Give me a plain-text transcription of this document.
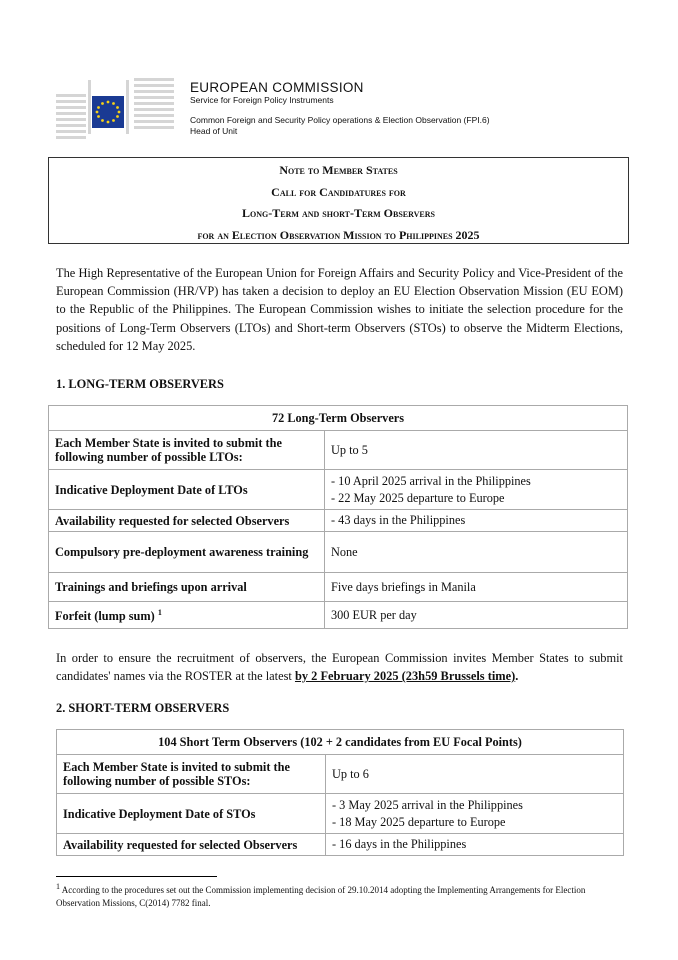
EUROPEAN COMMISSION
Service for Foreign Policy Instruments
Common Foreign and Security Policy operations & Election Observation (FPI.6)
Head of Unit
Note to Member States
Call for Candidatures for
Long-Term and short-Term Observers
for an Election Observation Mission to Philippines 2025
The High Representative of the European Union for Foreign Affairs and Security Policy and Vice-President of the European Commission (HR/VP) has taken a decision to deploy an EU Election Observation Mission (EU EOM) to the Republic of the Philippines. The European Commission wishes to initiate the selection procedure for the positions of Long-Term Observers (LTOs) and Short-term Observers (STOs) to observe the Midterm Elections, scheduled for 12 May 2025.
1. LONG-TERM OBSERVERS
72 Long-Term Observers	
Each Member State is invited to submit the following number of possible LTOs:	Up to 5
Indicative Deployment Date of LTOs	- 10 April 2025 arrival in the Philippines
- 22 May 2025 departure to Europe

Availability requested for selected Observers	- 43 days in the Philippines
Compulsory pre-deployment awareness training	None
Trainings and briefings upon arrival	Five days briefings in Manila
Forfeit (lump sum) $^1$	300 EUR per day
In order to ensure the recruitment of observers, the European Commission invites Member States to submit candidates' names via the ROSTER at the latest by 2 February 2025 (23h59 Brussels time).
2. SHORT-TERM OBSERVERS
104 Short Term Observers (102 + 2 candidates from EU Focal Points)	
Each Member State is invited to submit the following number of possible STOs:	Up to 6
Indicative Deployment Date of STOs	- 3 May 2025 arrival in the Philippines
- 18 May 2025 departure to Europe

Availability requested for selected Observers	- 16 days in the Philippines
$^1$ According to the procedures set out the Commission implementing decision of 29.10.2014 adopting the Implementing Arrangements for Election Observation Missions, C(2014) 7782 final.
